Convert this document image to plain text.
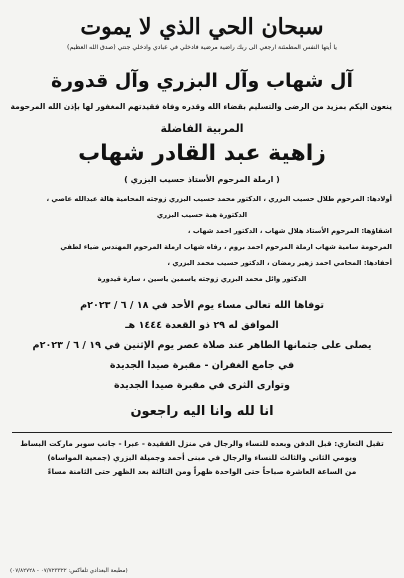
سبحان الحي الذي لا يموت
يا أيتها النفس المطمئنة ارجعي الى ربك راضية مرضية فادخلي في عبادي وادخلي جنتي (صدق الله العظيم)
آل شهاب وآل البزري وآل قدورة
ينعون اليكم بمزيد من الرضى والتسليم بقضاء الله وقدره وفاة فقيدتهم المغفور لها بإذن الله المرحومة
المربية الفاضلة
زاهية عبد القادر شهاب
( ارملة المرحوم الأستاذ حسيب البزري )
أولادها: المرحوم طلال حسيب البزري ، الدكتور محمد حسيب البزري زوجته المحامية هالة عبدالله عاصي ،
الدكتورة هبة حسيب البزري
اشقاؤها: المرحوم الأستاذ هلال شهاب ، الدكتور احمد شهاب ،
المرحومة سامية شهاب ارملة المرحوم احمد بروم ، رفاه شهاب ارملة المرحوم المهندس ضياء لطفي
أحفادها: المحامي احمد زهير رمضان ، الدكتور حسيب محمد البزري ،
الدكتور وائل محمد البزري زوجته ياسمين ياسين ، سارة قيدورة
توفاها الله تعالى مساء يوم الأحد في ١٨ / ٦ / ٢٠٢٣م
الموافق له ٢٩ ذو القعدة ١٤٤٤ هـ
يصلى على جثمانها الطاهر عند صلاة عصر يوم الإثنين في ١٩ / ٦ / ٢٠٢٣م
في جامع الغفران - مقبرة صيدا الجديدة
وتوارى الثرى في مقبرة صيدا الجديدة
انا لله وانا اليه راجعون
تقبل التعازي: قبل الدفن وبعده للنساء والرجال في منزل الفقيدة - عبرا - جانب سوبر ماركت البساط
ويومي الثاني والثالث للنساء والرجال في مبنى أحمد وجميلة البزري (جمعية المواساة)
من الساعة العاشرة صباحاً حتى الواحدة ظهراً ومن الثالثة بعد الظهر حتى الثامنة مساءً
(مطبعة البغدادي تلفاكس: ٠٧/٧٢٣٣٢٢ - ٠٧/٨٢٧٢٨)
